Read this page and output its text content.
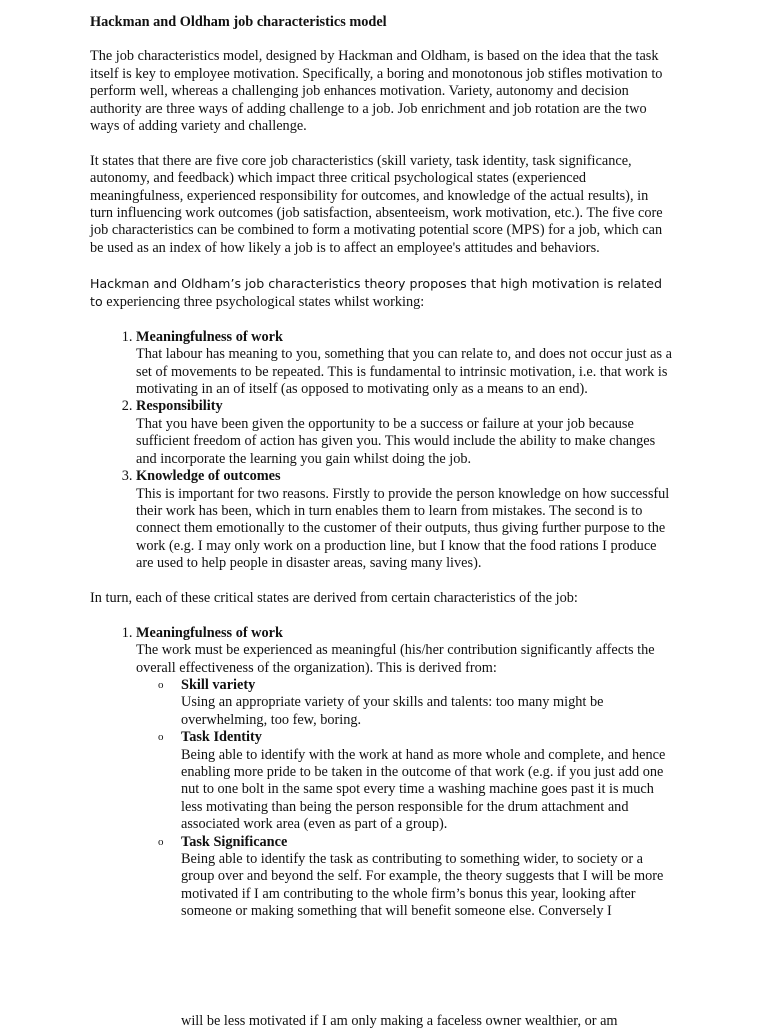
Hackman and Oldham job characteristics model

The job characteristics model, designed by Hackman and Oldham, is based on the idea that the task itself is key to employee motivation. Specifically, a boring and monotonous job stifles motivation to perform well, whereas a challenging job enhances motivation. Variety, autonomy and decision authority are three ways of adding challenge to a job. Job enrichment and job rotation are the two ways of adding variety and challenge.

It states that there are five core job characteristics (skill variety, task identity, task significance, autonomy, and feedback) which impact three critical psychological states (experienced meaningfulness, experienced responsibility for outcomes, and knowledge of the actual results), in turn influencing work outcomes (job satisfaction, absenteeism, work motivation, etc.). The five core job characteristics can be combined to form a motivating potential score (MPS) for a job, which can be used as an index of how likely a job is to affect an employee's attitudes and behaviors.

Hackman and Oldham’s job characteristics theory proposes that high motivation is related to experiencing three psychological states whilst working:

1. Meaningfulness of work
That labour has meaning to you, something that you can relate to, and does not occur just as a set of movements to be repeated. This is fundamental to intrinsic motivation, i.e. that work is motivating in an of itself (as opposed to motivating only as a means to an end).
2. Responsibility
That you have been given the opportunity to be a success or failure at your job because sufficient freedom of action has given you. This would include the ability to make changes and incorporate the learning you gain whilst doing the job.
3. Knowledge of outcomes
This is important for two reasons. Firstly to provide the person knowledge on how successful their work has been, which in turn enables them to learn from mistakes. The second is to connect them emotionally to the customer of their outputs, thus giving further purpose to the work (e.g. I may only work on a production line, but I know that the food rations I produce are used to help people in disaster areas, saving many lives).

In turn, each of these critical states are derived from certain characteristics of the job:

1. Meaningfulness of work
The work must be experienced as meaningful (his/her contribution significantly affects the overall effectiveness of the organization). This is derived from:
o Skill variety
Using an appropriate variety of your skills and talents: too many might be overwhelming, too few, boring.
o Task Identity
Being able to identify with the work at hand as more whole and complete, and hence enabling more pride to be taken in the outcome of that work (e.g. if you just add one nut to one bolt in the same spot every time a washing machine goes past it is much less motivating than being the person responsible for the drum attachment and associated work area (even as part of a group).
o Task Significance
Being able to identify the task as contributing to something wider, to society or a group over and beyond the self. For example, the theory suggests that I will be more motivated if I am contributing to the whole firm’s bonus this year, looking after someone or making something that will benefit someone else. Conversely I
will be less motivated if I am only making a faceless owner wealthier, or am
